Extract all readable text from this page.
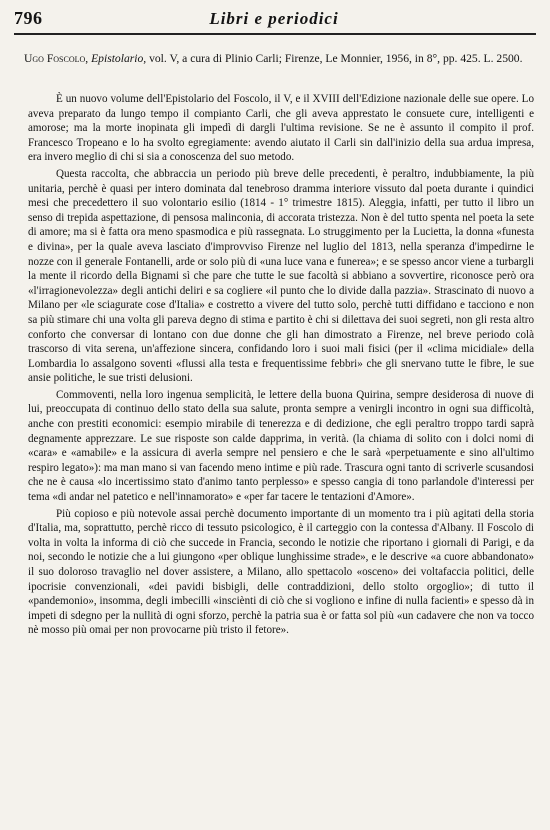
796	Libri e periodici
Ugo Foscolo, Epistolario, vol. V, a cura di Plinio Carli; Firenze, Le Monnier, 1956, in 8°, pp. 425. L. 2500.

È un nuovo volume dell'Epistolario del Foscolo, il V, e il XVIII dell'Edizione nazionale delle sue opere. Lo aveva preparato da lungo tempo il compianto Carli, che gli aveva apprestato le consuete cure, intelligenti e amorose; ma la morte inopinata gli impedì di dargli l'ultima revisione. Se ne è assunto il compito il prof. Francesco Tropeano e lo ha svolto egregiamente: avendo aiutato il Carli sin dall'inizio della sua ardua impresa, era invero meglio di chi si sia a conoscenza del suo metodo.

Questa raccolta, che abbraccia un periodo più breve delle precedenti, è peraltro, indubbiamente, la più unitaria, perchè è quasi per intero dominata dal tenebroso dramma interiore vissuto dal poeta durante i quindici mesi che precedettero il suo volontario esilio (1814 - 1° trimestre 1815). Aleggia, infatti, per tutto il libro un senso di trepida aspettazione, di pensosa malinconia, di accorata tristezza. Non è del tutto spenta nel poeta la sete di amore; ma si è fatta ora meno spasmodica e più rassegnata. Lo struggimento per la Lucietta, la donna «funesta e divina», per la quale aveva lasciato d'improvviso Firenze nel luglio del 1813, nella speranza d'impedirne le nozze con il generale Fontanelli, arde or solo più di «una luce vana e funerea»; e se spesso ancor viene a turbargli la mente il ricordo della Bignami sì che pare che tutte le sue facoltà si abbiano a sovvertire, riconosce però ora «l'irragionevolezza» degli antichi deliri e sa cogliere «il punto che lo divide dalla pazzia». Strascinato di nuovo a Milano per «le sciagurate cose d'Italia» e costretto a vivere del tutto solo, perchè tutti diffidano e tacciono e non sa più stimare chi una volta gli pareva degno di stima e partito è chi si dilettava dei suoi segreti, non gli resta altro conforto che conversar di lontano con due donne che gli han dimostrato a Firenze, nel breve periodo colà trascorso di vita serena, un'affezione sincera, confidando loro i suoi mali fisici (per il «clima micidiale» della Lombardia lo assalgono soventi «flussi alla testa e frequentissime febbri» che gli snervano tutte le fibre, le sue ansie politiche, le sue tristi delusioni.

Commoventi, nella loro ingenua semplicità, le lettere della buona Quirina, sempre desiderosa di nuove di lui, preoccupata di continuo dello stato della sua salute, pronta sempre a venirgli incontro in ogni sua difficoltà, anche con prestiti economici: esempio mirabile di tenerezza e di dedizione, che egli peraltro troppo tardi saprà degnamente apprezzare. Le sue risposte son calde dapprima, in verità. (la chiama di solito con i dolci nomi di «cara» e «amabile» e la assicura di averla sempre nel pensiero e che le sarà «perpetuamente e sino all'ultimo respiro legato»): ma man mano si van facendo meno intime e più rade. Trascura ogni tanto di scriverle scusandosi che ne è causa «lo incertissimo stato d'animo tanto perplesso» e spesso cangia di tono parlandole d'interessi per tema «di andar nel patetico e nell'innamorato» e «per far tacere le tentazioni d'Amore».

Più copioso e più notevole assai perchè documento importante di un momento tra i più agitati della storia d'Italia, ma, soprattutto, perchè ricco di tessuto psicologico, è il carteggio con la contessa d'Albany. Il Foscolo di volta in volta la informa di ciò che succede in Francia, secondo le notizie che riportano i giornali di Parigi, e da noi, secondo le notizie che a lui giungono «per oblique lunghissime strade», e le descrive «a cuore abbandonato» il suo doloroso travaglio nel dover assistere, a Milano, allo spettacolo «osceno» dei voltafaccia politici, delle ipocrisie convenzionali, «dei pavidi bisbigli, delle contraddizioni, dello stolto orgoglio»; di tutto il «pandemonio», insomma, degli imbecilli «insciènti di ciò che si vogliono e infine di nulla facienti» e spesso dà in impeti di sdegno per la nullità di ogni sforzo, perchè la patria sua è or fatta sol più «un cadavere che non va tocco nè mosso più omai per non provocarne più tristo il fetore».
